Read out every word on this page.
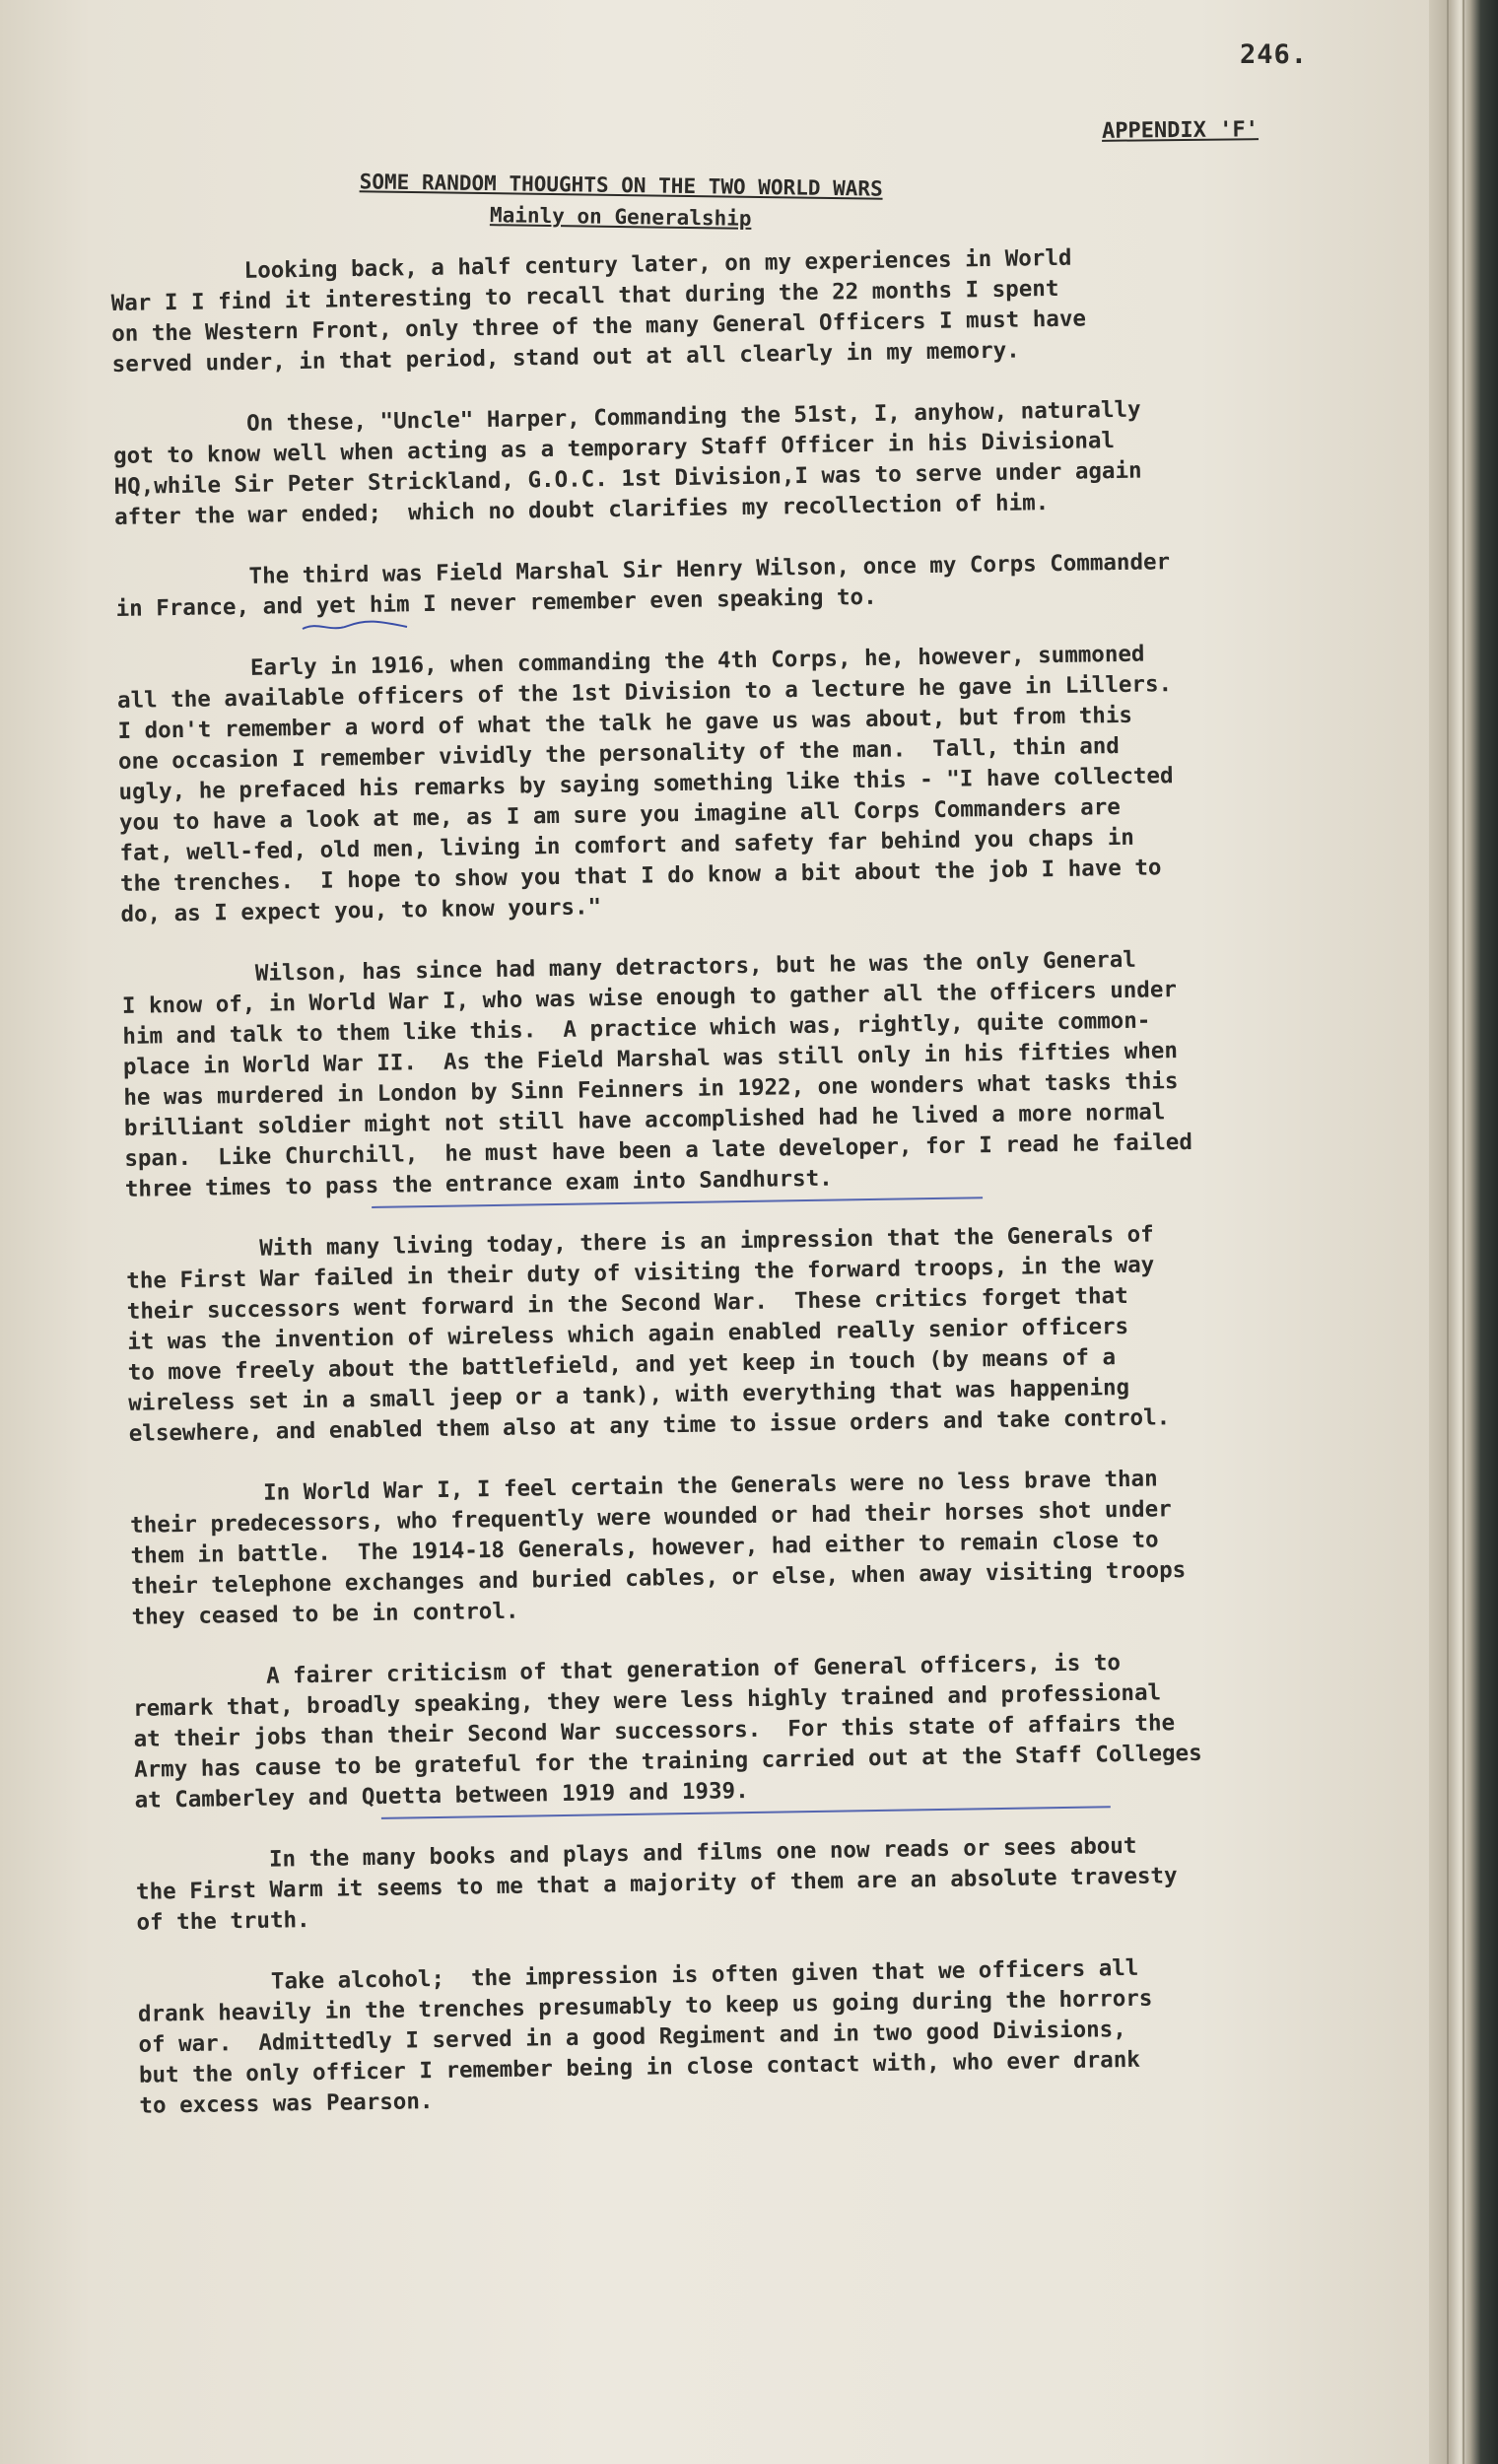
246.
APPENDIX 'F'
SOME RANDOM THOUGHTS ON THE TWO WORLD WARS
Mainly on Generalship
Looking back, a half century later, on my experiences in World
War I I find it interesting to recall that during the 22 months I spent
on the Western Front, only three of the many General Officers I must have
served under, in that period, stand out at all clearly in my memory.
On these, "Uncle" Harper, Commanding the 51st, I, anyhow, naturally
got to know well when acting as a temporary Staff Officer in his Divisional
HQ,while Sir Peter Strickland, G.O.C. 1st Division,I was to serve under again
after the war ended;  which no doubt clarifies my recollection of him.
The third was Field Marshal Sir Henry Wilson, once my Corps Commander
in France, and yet him I never remember even speaking to.
Early in 1916, when commanding the 4th Corps, he, however, summoned
all the available officers of the 1st Division to a lecture he gave in Lillers.
I don't remember a word of what the talk he gave us was about, but from this
one occasion I remember vividly the personality of the man.  Tall, thin and
ugly, he prefaced his remarks by saying something like this - "I have collected
you to have a look at me, as I am sure you imagine all Corps Commanders are
fat, well-fed, old men, living in comfort and safety far behind you chaps in
the trenches.  I hope to show you that I do know a bit about the job I have to
do, as I expect you, to know yours."
Wilson, has since had many detractors, but he was the only General
I know of, in World War I, who was wise enough to gather all the officers under
him and talk to them like this.  A practice which was, rightly, quite common-
place in World War II.  As the Field Marshal was still only in his fifties when
he was murdered in London by Sinn Feinners in 1922, one wonders what tasks this
brilliant soldier might not still have accomplished had he lived a more normal
span.  Like Churchill,  he must have been a late developer, for I read he failed
three times to pass the entrance exam into Sandhurst.
With many living today, there is an impression that the Generals of
the First War failed in their duty of visiting the forward troops, in the way
their successors went forward in the Second War.  These critics forget that
it was the invention of wireless which again enabled really senior officers
to move freely about the battlefield, and yet keep in touch (by means of a
wireless set in a small jeep or a tank), with everything that was happening
elsewhere, and enabled them also at any time to issue orders and take control.
In World War I, I feel certain the Generals were no less brave than
their predecessors, who frequently were wounded or had their horses shot under
them in battle.  The 1914-18 Generals, however, had either to remain close to
their telephone exchanges and buried cables, or else, when away visiting troops
they ceased to be in control.
A fairer criticism of that generation of General officers, is to
remark that, broadly speaking, they were less highly trained and professional
at their jobs than their Second War successors.  For this state of affairs the
Army has cause to be grateful for the training carried out at the Staff Colleges
at Camberley and Quetta between 1919 and 1939.
In the many books and plays and films one now reads or sees about
the First Warm it seems to me that a majority of them are an absolute travesty
of the truth.
Take alcohol;  the impression is often given that we officers all
drank heavily in the trenches presumably to keep us going during the horrors
of war.  Admittedly I served in a good Regiment and in two good Divisions,
but the only officer I remember being in close contact with, who ever drank
to excess was Pearson.
